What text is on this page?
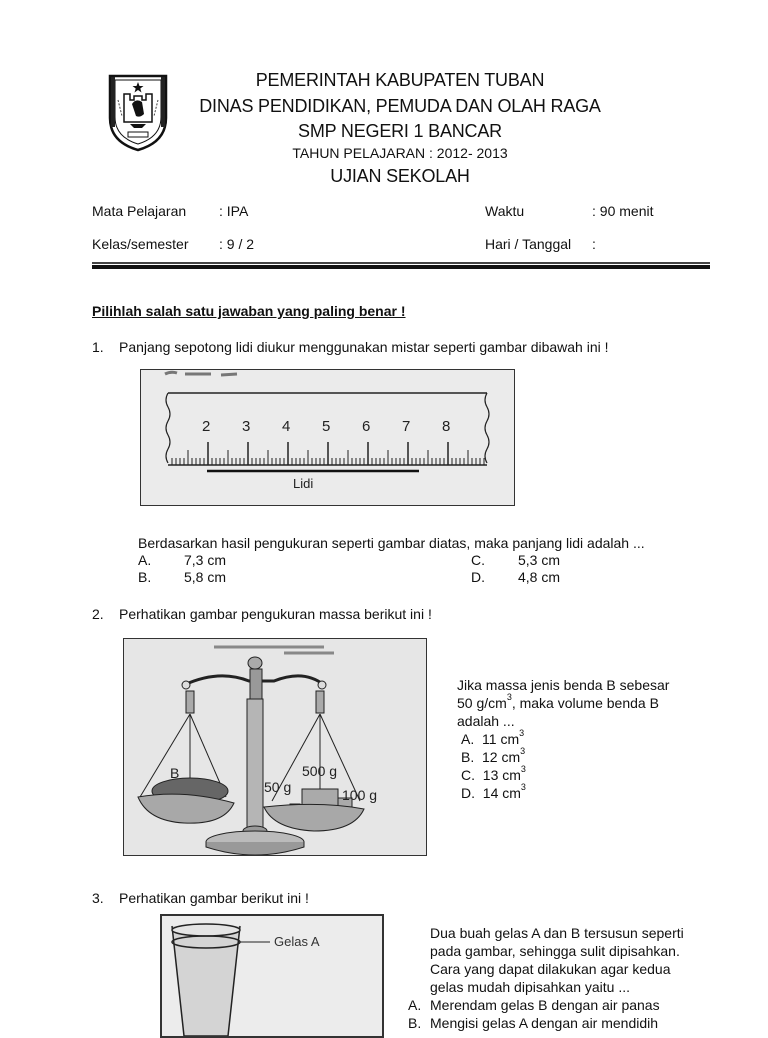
PEMERINTAH KABUPATEN TUBAN
DINAS PENDIDIKAN, PEMUDA DAN OLAH RAGA
SMP NEGERI 1 BANCAR
TAHUN PELAJARAN : 2012- 2013
UJIAN SEKOLAH
Mata Pelajaran : IPA	Waktu	: 90 menit
Kelas/semester : 9 / 2	Hari / Tanggal :
Pilihlah salah satu jawaban yang paling benar !
1. Panjang sepotong lidi diukur menggunakan mistar seperti gambar dibawah ini !
2 3 4 5 6 7 8
Lidi
Berdasarkan hasil pengukuran seperti gambar diatas, maka panjang lidi adalah ...
A. 7,3 cm
B. 5,8 cm
C. 5,3 cm
D. 4,8 cm
2. Perhatikan gambar pengukuran massa berikut ini !
B	500 g
50 g	100 g
Jika massa jenis benda B sebesar
50 $g/cm^3$, maka volume benda B
adalah ...
A. 11 $cm^3$
B. 12 $cm^3$
C. 13 $cm^3$
D. 14 $cm^3$
3. Perhatikan gambar berikut ini !
Gelas A
Dua buah gelas A dan B tersusun seperti
pada gambar, sehingga sulit dipisahkan.
Cara yang dapat dilakukan agar kedua
gelas mudah dipisahkan yaitu ...
A. Merendam gelas B dengan air panas
B. Mengisi gelas A dengan air mendidih
